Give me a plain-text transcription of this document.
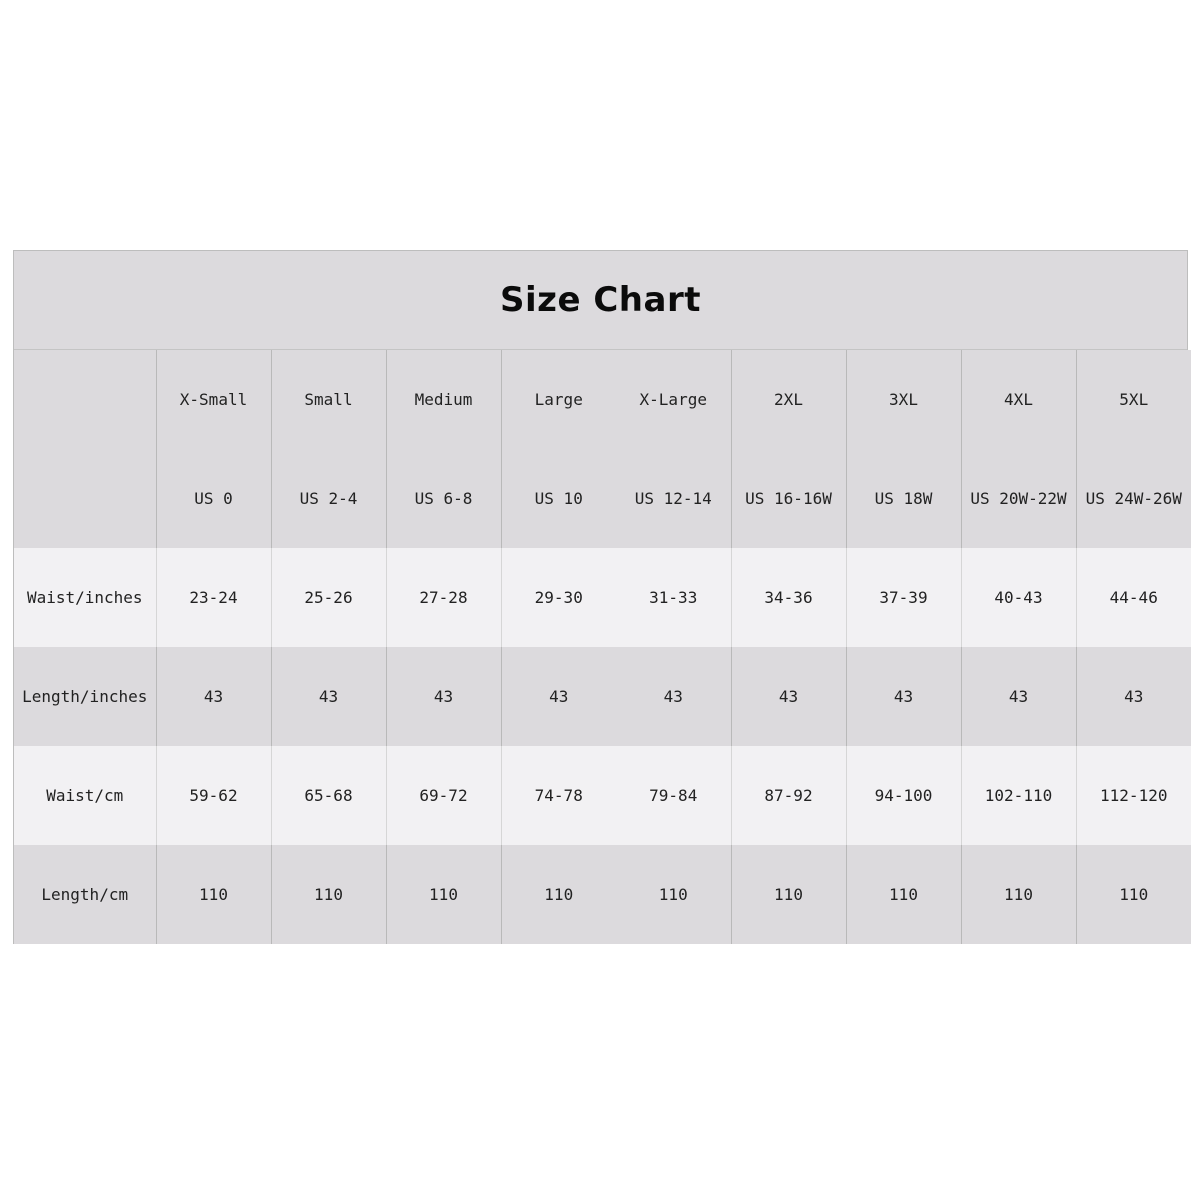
Size Chart
	X-Small	Small	Medium	Large	X-Large	2XL	3XL	4XL	5XL
	US 0	US 2-4	US 6-8	US 10	US 12-14	US 16-16W	US 18W	US 20W-22W	US 24W-26W
Waist/inches	23-24	25-26	27-28	29-30	31-33	34-36	37-39	40-43	44-46
Length/inches	43	43	43	43	43	43	43	43	43
Waist/cm	59-62	65-68	69-72	74-78	79-84	87-92	94-100	102-110	112-120
Length/cm	110	110	110	110	110	110	110	110	110
